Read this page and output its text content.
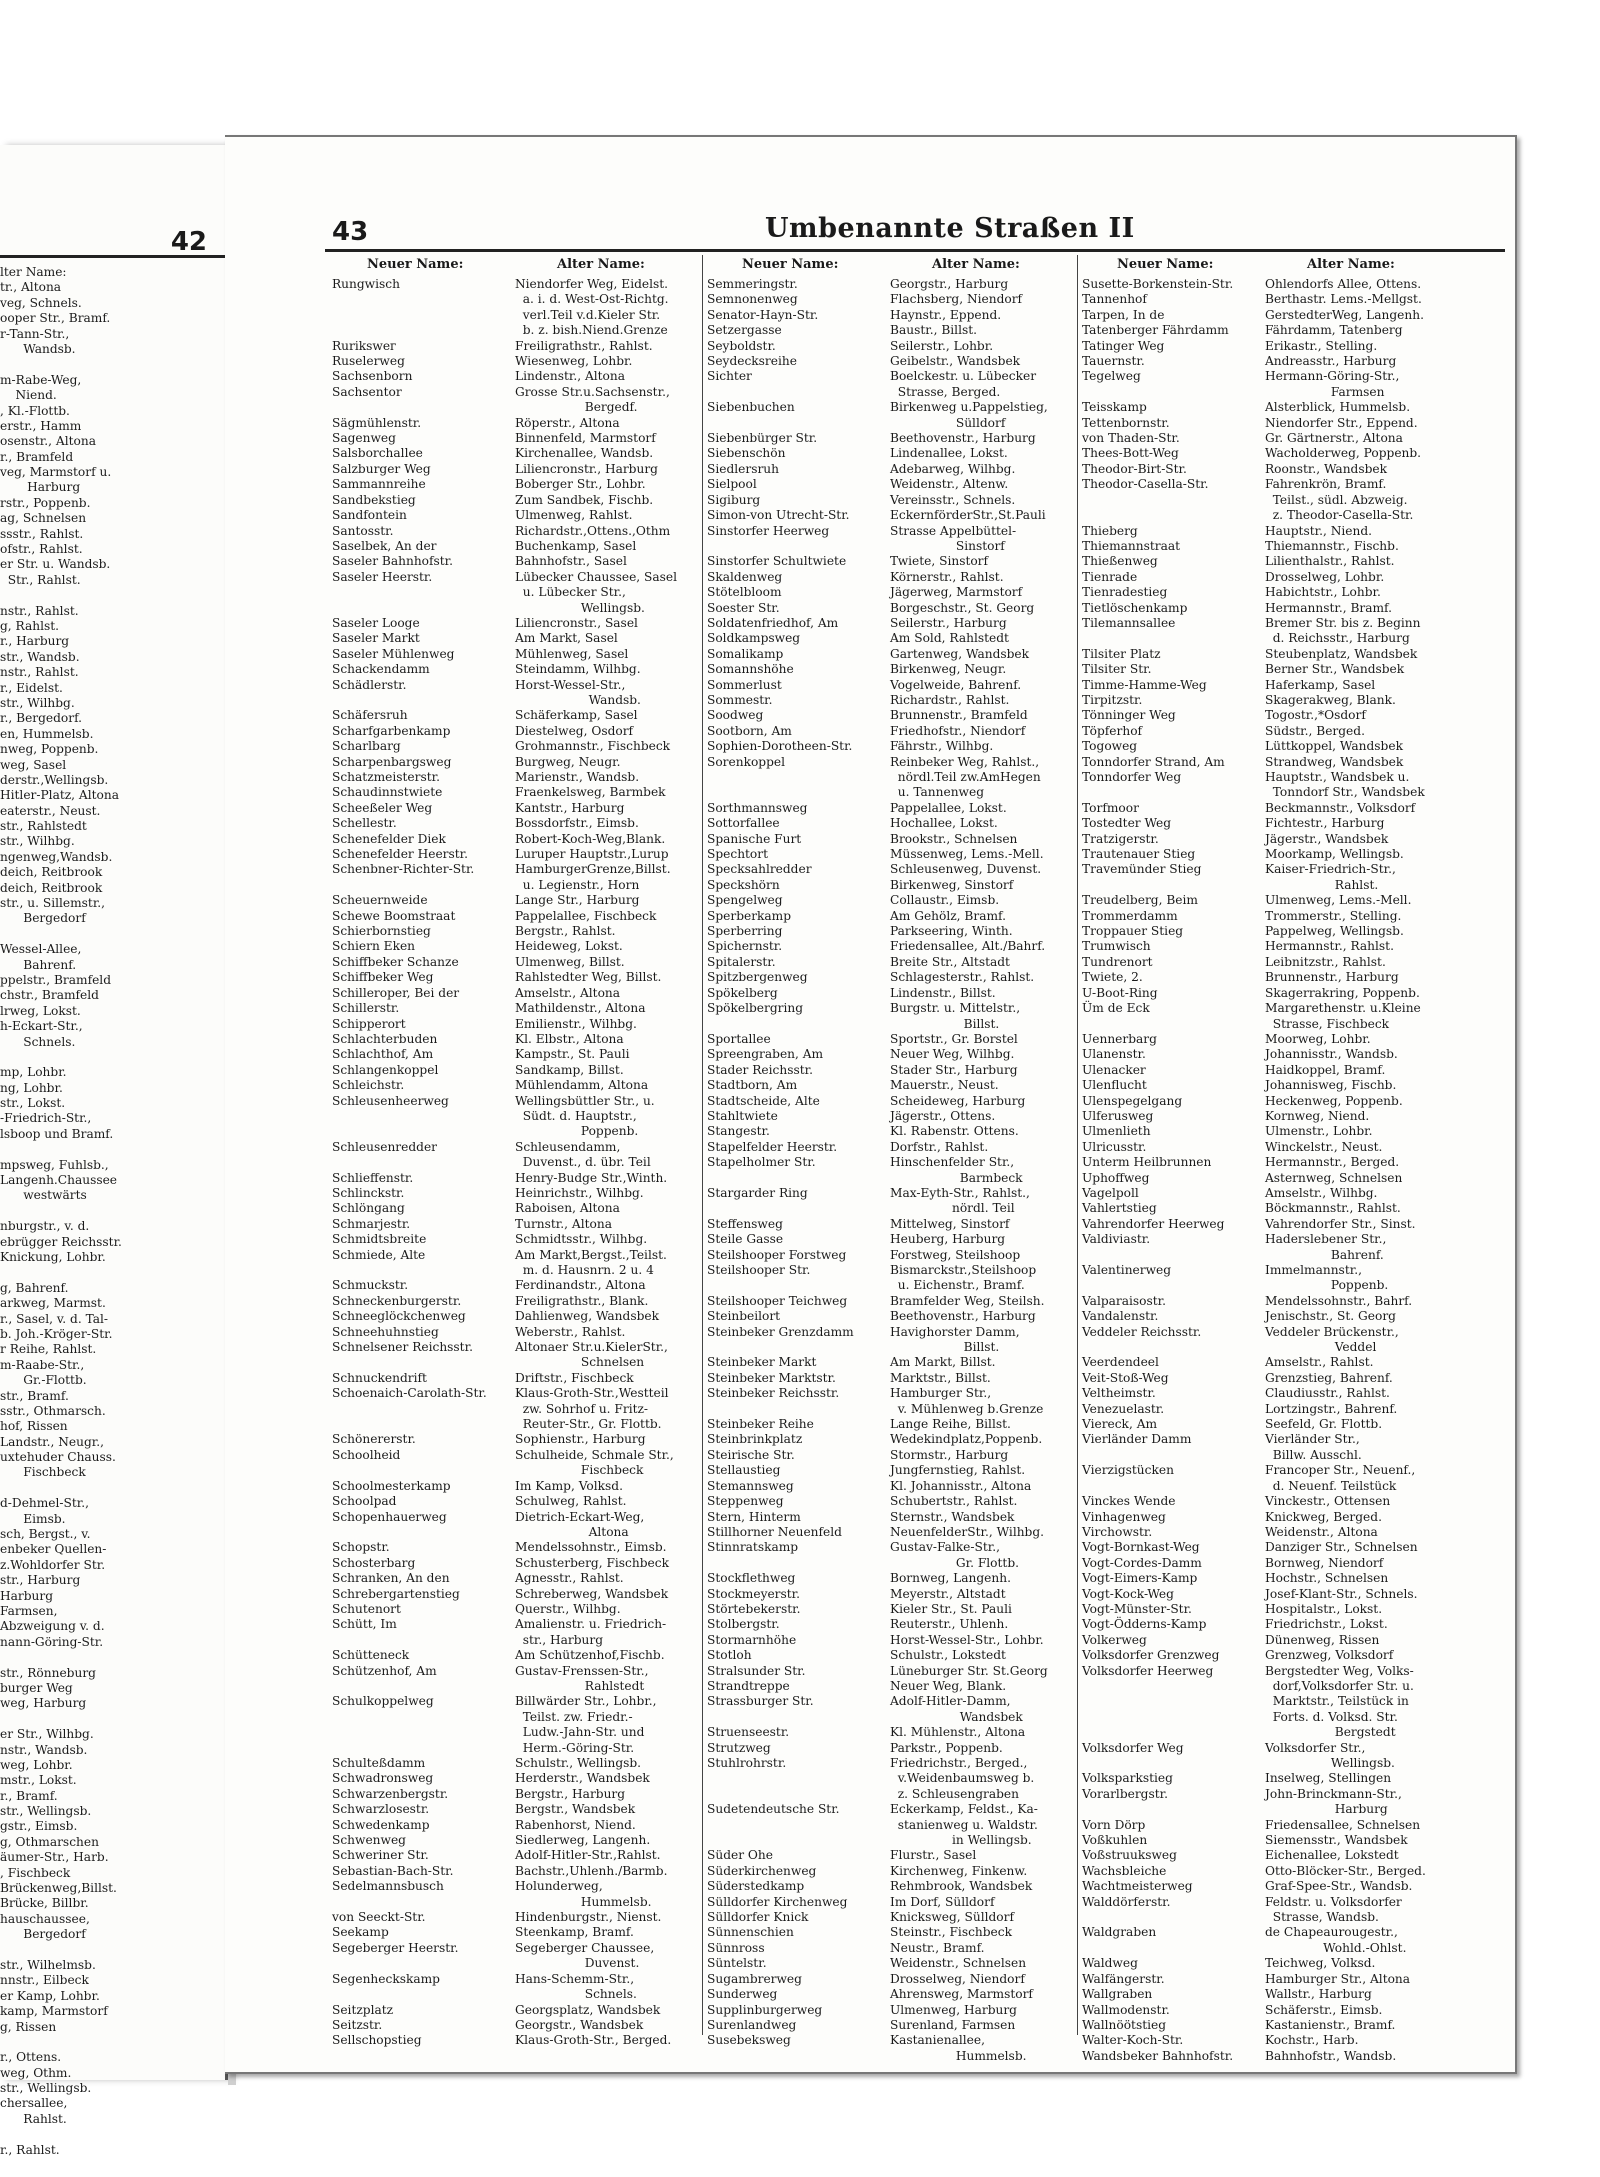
42
lter Name:
tr., Altona
veg, Schnels.
ooper Str., Bramf.
r-Tann-Str.,
Wandsb.
m-Rabe-Weg,
Niend.
, Kl.-Flottb.
erstr., Hamm
osenstr., Altona
r., Bramfeld
veg, Marmstorf u.
Harburg
rstr., Poppenb.
ag, Schnelsen
ssstr., Rahlst.
ofstr., Rahlst.
er Str. u. Wandsb.
Str., Rahlst.
nstr., Rahlst.
g, Rahlst.
r., Harburg
str., Wandsb.
nstr., Rahlst.
r., Eidelst.
str., Wilhbg.
r., Bergedorf.
en, Hummelsb.
nweg, Poppenb.
weg, Sasel
derstr.,Wellingsb.
Hitler-Platz, Altona
eaterstr., Neust.
str., Rahlstedt
str., Wilhbg.
ngenweg,Wandsb.
deich, Reitbrook
deich, Reitbrook
str., u. Sillemstr.,
Bergedorf
Wessel-Allee,
Bahrenf.
ppelstr., Bramfeld
chstr., Bramfeld
lrweg, Lokst.
h-Eckart-Str.,
Schnels.
mp, Lohbr.
ng, Lohbr.
str., Lokst.
-Friedrich-Str.,
lsboop und Bramf.
mpsweg, Fuhlsb.,
Langenh.Chaussee
westwärts
nburgstr., v. d.
ebrügger Reichsstr.
Knickung, Lohbr.
g, Bahrenf.
arkweg, Marmst.
r., Sasel, v. d. Tal-
b. Joh.-Kröger-Str.
r Reihe, Rahlst.
m-Raabe-Str.,
Gr.-Flottb.
str., Bramf.
sstr., Othmarsch.
hof, Rissen
Landstr., Neugr.,
uxtehuder Chauss.
Fischbeck
d-Dehmel-Str.,
Eimsb.
sch, Bergst., v.
enbeker Quellen-
z.Wohldorfer Str.
str., Harburg
Harburg
Farmsen,
Abzweigung v. d.
nann-Göring-Str.
str., Rönneburg
burger Weg
weg, Harburg
er Str., Wilhbg.
nstr., Wandsb.
weg, Lohbr.
mstr., Lokst.
r., Bramf.
str., Wellingsb.
gstr., Eimsb.
g, Othmarschen
äumer-Str., Harb.
, Fischbeck
Brückenweg,Billst.
Brücke, Billbr.
hauschaussee,
Bergedorf
str., Wilhelmsb.
nnstr., Eilbeck
er Kamp, Lohbr.
kamp, Marmstorf
g, Rissen
r., Ottens.
weg, Othm.
str., Wellingsb.
chersallee,
Rahlst.
r., Rahlst.
43	Umbenannte Straßen II
Neuer Name:	Alter Name:
Rungwisch	Niendorfer Weg, Eidelst.
a. i. d. West-Ost-Richtg.
verl.Teil v.d.Kieler Str.
b. z. bish.Niend.Grenze
Rurikswег	Freiligrathstr., Rahlst.
Ruselerweg	Wiesenweg, Lohbr.
Sachsenborn	Lindenstr., Altona
Sachsentor	Grosse Str.u.Sachsenstr.,
Bergedf.
Sägmühlenstr.	Röperstr., Altona
Sagenweg	Binnenfeld, Marmstorf
Salsborchallee	Kirchenallee, Wandsb.
Salzburger Weg	Liliencronstr., Harburg
Sammannreihe	Boberger Str., Lohbr.
Sandbekstieg	Zum Sandbek, Fischb.
Sandfontein	Ulmenweg, Rahlst.
Santosstr.	Richardstr.,Ottens.,Othm
Saselbek, An der	Buchenkamp, Sasel
Saseler Bahnhofstr.	Bahnhofstr., Sasel
Saseler Heerstr.	Lübecker Chaussee, Sasel
u. Lübecker Str.,
Wellingsb.
Saseler Looge	Liliencronstr., Sasel
Saseler Markt	Am Markt, Sasel
Saseler Mühlenweg	Mühlenweg, Sasel
Schackendamm	Steindamm, Wilhbg.
Schädlerstr.	Horst-Wessel-Str.,
Wandsb.
Schäfersruh	Schäferkamp, Sasel
Scharfgarbenkamp	Diestelweg, Osdorf
Scharlbarg	Grohmannstr., Fischbeck
Scharpenbargsweg	Burgweg, Neugr.
Schatzmeisterstr.	Marienstr., Wandsb.
Schaudinnstwiete	Fraenkelsweg, Barmbek
Scheeßeler Weg	Kantstr., Harburg
Schellestr.	Bossdorfstr., Eimsb.
Schenefelder Diek	Robert-Koch-Weg,Blank.
Schenefelder Heerstr.	Luruper Hauptstr.,Lurup
Schenbner-Richter-Str.	HamburgerGrenze,Billst.
u. Legienstr., Horn
Scheuernweide	Lange Str., Harburg
Schewe Boomstraat	Pappelallee, Fischbeck
Schierbornstieg	Bergstr., Rahlst.
Schiern Eken	Heideweg, Lokst.
Schiffbeker Schanze	Ulmenweg, Billst.
Schiffbeker Weg	Rahlstedter Weg, Billst.
Schilleroper, Bei der	Amselstr., Altona
Schillerstr.	Mathildenstr., Altona
Schipperort	Emilienstr., Wilhbg.
Schlachterbuden	Kl. Elbstr., Altona
Schlachthof, Am	Kampstr., St. Pauli
Schlangenkoppel	Sandkamp, Billst.
Schleichstr.	Mühlendamm, Altona
Schleusenheerweg	Wellingsbüttler Str., u.
Südt. d. Hauptstr.,
Poppenb.
Schleusenredder	Schleusendamm,
Duvenst., d. übr. Teil
Schlieffenstr.	Henry-Budge Str.,Winth.
Schlinckstr.	Heinrichstr., Wilhbg.
Schlöngang	Raboisen, Altona
Schmarjestr.	Turnstr., Altona
Schmidtsbreite	Schmidtsstr., Wilhbg.
Schmiede, Alte	Am Markt,Bergst.,Teilst.
m. d. Hausnrn. 2 u. 4
Schmuckstr.	Ferdinandstr., Altona
Schneckenburgerstr.	Freiligrathstr., Blank.
Schneeglöckchenweg	Dahlienweg, Wandsbek
Schneehuhnstieg	Weberstr., Rahlst.
Schnelsener Reichsstr.	Altonaer Str.u.KielerStr.,
Schnelsen
Schnuckendrift	Driftstr., Fischbeck
Schoenaich-Carolath-Str.	Klaus-Groth-Str.,Westteil
zw. Sohrhof u. Fritz-
Reuter-Str., Gr. Flottb.
Schönererstr.	Sophienstr., Harburg
Schoolheid	Schulheide, Schmale Str.,
Fischbeck
Schoolmesterkamp	Im Kamp, Volksd.
Schoolpad	Schulweg, Rahlst.
Schopenhauerweg	Dietrich-Eckart-Weg,
Altona
Schopstr.	Mendelssohnstr., Eimsb.
Schosterbarg	Schusterberg, Fischbeck
Schranken, An den	Agnesstr., Rahlst.
Schrebergartenstieg	Schreberweg, Wandsbek
Schutenort	Querstr., Wilhbg.
Schütt, Im	Amalienstr. u. Friedrich-
str., Harburg
Schütteneck	Am Schützenhof,Fischb.
Schützenhof, Am	Gustav-Frenssen-Str.,
Rahlstedt
Schulkoppelweg	Billwärder Str., Lohbr.,
Teilst. zw. Friedr.-
Ludw.-Jahn-Str. und
Herm.-Göring-Str.
Schulteßdamm	Schulstr., Wellingsb.
Schwadronsweg	Herderstr., Wandsbek
Schwarzenbergstr.	Bergstr., Harburg
Schwarzlosestr.	Bergstr., Wandsbek
Schwedenkamp	Rabenhorst, Niend.
Schwenweg	Siedlerweg, Langenh.
Schweriner Str.	Adolf-Hitler-Str.,Rahlst.
Sebastian-Bach-Str.	Bachstr.,Uhlenh./Barmb.
Sedelmannsbusch	Holunderweg,
Hummelsb.
von Seeckt-Str.	Hindenburgstr., Nienst.
Seekamp	Steenkamp, Bramf.
Segeberger Heerstr.	Segeberger Chaussee,
Duvenst.
Segenheckskamp	Hans-Schemm-Str.,
Schnels.
Seitzplatz	Georgsplatz, Wandsbek
Seitzstr.	Georgstr., Wandsbek
Sellschopstieg	Klaus-Groth-Str., Berged.
Neuer Name:	Alter Name:
Semmeringstr.	Georgstr., Harburg
Semnonenweg	Flachsberg, Niendorf
Senator-Hayn-Str.	Haynstr., Eppend.
Setzergasse	Baustr., Billst.
Seyboldstr.	Seilerstr., Lohbr.
Seydecksreihe	Geibelstr., Wandsbek
Sichter	Boelckestr. u. Lübecker
Strasse, Berged.
Siebenbuchen	Birkenweg u.Pappelstieg,
Sülldorf
Siebenbürger Str.	Beethovenstr., Harburg
Siebenschön	Lindenallee, Lokst.
Siedlersruh	Adebarweg, Wilhbg.
Sielpool	Weidenstr., Altenw.
Sigiburg	Vereinsstr., Schnels.
Simon-von Utrecht-Str.	EckernförderStr.,St.Pauli
Sinstorfer Heerweg	Strasse Appelbüttel-
Sinstorf
Sinstorfer Schultwiete	Twiete, Sinstorf
Skaldenweg	Körnerstr., Rahlst.
Stötelbloom	Jägerweg, Marmstorf
Soester Str.	Borgeschstr., St. Georg
Soldatenfriedhof, Am	Seilerstr., Harburg
Soldkampsweg	Am Sold, Rahlstedt
Somalikamp	Gartenweg, Wandsbek
Somannshöhe	Birkenweg, Neugr.
Sommerlust	Vogelweide, Bahrenf.
Sommestr.	Richardstr., Rahlst.
Soodweg	Brunnenstr., Bramfeld
Sootborn, Am	Friedhofstr., Niendorf
Sophien-Dorotheen-Str.	Fährstr., Wilhbg.
Sorenkoppel	Reinbeker Weg, Rahlst.,
nördl.Teil zw.AmHegen
u. Tannenweg
Sorthmannsweg	Pappelallee, Lokst.
Sottorfallee	Hochallee, Lokst.
Spanische Furt	Brookstr., Schnelsen
Spechtort	Müssenweg, Lems.-Mell.
Specksahlredder	Schleusenweg, Duvenst.
Speckshörn	Birkenweg, Sinstorf
Spengelweg	Collaustr., Eimsb.
Sperberkamp	Am Gehölz, Bramf.
Sperberring	Parkseering, Winth.
Spichernstr.	Friedensallee, Alt./Bahrf.
Spitalerstr.	Breite Str., Altstadt
Spitzbergenweg	Schlagesterstr., Rahlst.
Spökelberg	Lindenstr., Billst.
Spökelbergring	Burgstr. u. Mittelstr.,
Billst.
Sportallee	Sportstr., Gr. Borstel
Spreengraben, Am	Neuer Weg, Wilhbg.
Stader Reichsstr.	Stader Str., Harburg
Stadtborn, Am	Mauerstr., Neust.
Stadtscheide, Alte	Scheideweg, Harburg
Stahltwiete	Jägerstr., Ottens.
Stangestr.	Kl. Rabenstr. Ottens.
Stapelfelder Heerstr.	Dorfstr., Rahlst.
Stapelholmer Str.	Hinschenfelder Str.,
Barmbeck
Stargarder Ring	Max-Eyth-Str., Rahlst.,
nördl. Teil
Steffensweg	Mittelweg, Sinstorf
Steile Gasse	Heuberg, Harburg
Steilshooper Forstweg	Forstweg, Steilshoop
Steilshooper Str.	Bismarckstr.,Steilshoop
u. Eichenstr., Bramf.
Steilshooper Teichweg	Bramfelder Weg, Steilsh.
Steinbeilort	Beethovenstr., Harburg
Steinbeker Grenzdamm	Havighorster Damm,
Billst.
Steinbeker Markt	Am Markt, Billst.
Steinbeker Marktstr.	Marktstr., Billst.
Steinbeker Reichsstr.	Hamburger Str.,
v. Mühlenweg b.Grenze
Steinbeker Reihe	Lange Reihe, Billst.
Steinbrinkplatz	Wedekindplatz,Poppenb.
Steirische Str.	Stormstr., Harburg
Stellaustieg	Jungfernstieg, Rahlst.
Stemannsweg	Kl. Johannisstr., Altona
Steppenweg	Schubertstr., Rahlst.
Stern, Hinterm	Sternstr., Wandsbek
Stillhorner Neuenfeld	NeuenfelderStr., Wilhbg.
Stinnratskamp	Gustav-Falke-Str.,
Gr. Flottb.
Stockflethweg	Bornweg, Langenh.
Stockmeyerstr.	Meyerstr., Altstadt
Störtebekerstr.	Kieler Str., St. Pauli
Stolbergstr.	Reuterstr., Uhlenh.
Stormarnhöhe	Horst-Wessel-Str., Lohbr.
Stotloh	Schulstr., Lokstedt
Stralsunder Str.	Lüneburger Str. St.Georg
Strandtreppe	Neuer Weg, Blank.
Strassburger Str.	Adolf-Hitler-Damm,
Wandsbek
Struenseestr.	Kl. Mühlenstr., Altona
Strutzweg	Parkstr., Poppenb.
Stuhlrohrstr.	Friedrichstr., Berged.,
v.Weidenbaumsweg b.
z. Schleusengraben
Sudetendeutsche Str.	Eckerkamp, Feldst., Ka-
stanienweg u. Waldstr.
in Wellingsb.
Süder Ohe	Flurstr., Sasel
Süderkirchenweg	Kirchenweg, Finkenw.
Süderstedkamp	Rehmbrook, Wandsbek
Sülldorfer Kirchenweg	Im Dorf, Sülldorf
Sülldorfer Knick	Knicksweg, Sülldorf
Sünnenschien	Steinstr., Fischbeck
Sünnross	Neustr., Bramf.
Süntelstr.	Weidenstr., Schnelsen
Sugambrerweg	Drosselweg, Niendorf
Sunderweg	Ahrensweg, Marmstorf
Supplinburgerweg	Ulmenweg, Harburg
Surenlandweg	Surenland, Farmsen
Susebeksweg	Kastanienallee,
Hummelsb.
Neuer Name:	Alter Name:
Susette-Borkenstein-Str.	Ohlendorfs Allee, Ottens.
Tannenhof	Berthastr. Lems.-Mellgst.
Tarpen, In de	GerstedterWeg, Langenh.
Tatenberger Fährdamm	Fährdamm, Tatenberg
Tatinger Weg	Erikastr., Stelling.
Tauernstr.	Andreasstr., Harburg
Tegelweg	Hermann-Göring-Str.,
Farmsen
Teisskamp	Alsterblick, Hummelsb.
Tettenbornstr.	Niendorfer Str., Eppend.
von Thaden-Str.	Gr. Gärtnerstr., Altona
Thees-Bott-Weg	Wacholderweg, Poppenb.
Theodor-Birt-Str.	Roonstr., Wandsbek
Theodor-Casella-Str.	Fahrenkrön, Bramf.
Teilst., südl. Abzweig.
z. Theodor-Casella-Str.
Thieberg	Hauptstr., Niend.
Thiemannstraat	Thiemannstr., Fischb.
Thießenweg	Lilienthalstr., Rahlst.
Tienrade	Drosselweg, Lohbr.
Tienradestieg	Habichtstr., Lohbr.
Tietlöschenkamp	Hermannstr., Bramf.
Tilemannsallee	Bremer Str. bis z. Beginn
d. Reichsstr., Harburg
Tilsiter Platz	Steubenplatz, Wandsbek
Tilsiter Str.	Berner Str., Wandsbek
Timme-Hamme-Weg	Haferkamp, Sasel
Tirpitzstr.	Skagerakweg, Blank.
Tönninger Weg	Togostr.,*Osdorf
Töpferhof	Südstr., Berged.
Togoweg	Lüttkoppel, Wandsbek
Tonndorfer Strand, Am	Strandweg, Wandsbek
Tonndorfer Weg	Hauptstr., Wandsbek u.
Tonndorf Str., Wandsbek
Torfmoor	Beckmannstr., Volksdorf
Tostedter Weg	Fichtestr., Harburg
Tratzigerstr.	Jägerstr., Wandsbek
Trautenauer Stieg	Moorkamp, Wellingsb.
Travemünder Stieg	Kaiser-Friedrich-Str.,
Rahlst.
Treudelberg, Beim	Ulmenweg, Lems.-Mell.
Trommerdamm	Trommerstr., Stelling.
Troppauer Stieg	Pappelweg, Wellingsb.
Trumwisch	Hermannstr., Rahlst.
Tundrenort	Leibnitzstr., Rahlst.
Twiete, 2.	Brunnenstr., Harburg
U-Boot-Ring	Skagerrakring, Poppenb.
Üm de Eck	Margarethenstr. u.Kleine
Strasse, Fischbeck
Uennerbarg	Moorweg, Lohbr.
Ulanenstr.	Johannisstr., Wandsb.
Ulenacker	Haidkoppel, Bramf.
Ulenflucht	Johannisweg, Fischb.
Ulenspegelgang	Heckenweg, Poppenb.
Ulferusweg	Kornweg, Niend.
Ulmenlieth	Ulmenstr., Lohbr.
Ulricusstr.	Winckelstr., Neust.
Unterm Heilbrunnen	Hermannstr., Berged.
Uphoffweg	Asternweg, Schnelsen
Vagelpoll	Amselstr., Wilhbg.
Vahlertstieg	Böckmannstr., Rahlst.
Vahrendorfer Heerweg	Vahrendorfer Str., Sinst.
Valdiviastr.	Haderslebener Str.,
Bahrenf.
Valentinerweg	Immelmannstr.,
Poppenb.
Valparaisostr.	Mendelssohnstr., Bahrf.
Vandalenstr.	Jenischstr., St. Georg
Veddeler Reichsstr.	Veddeler Brückenstr.,
Veddel
Veerdendeel	Amselstr., Rahlst.
Veit-Stoß-Weg	Grenzstieg, Bahrenf.
Veltheimstr.	Claudiusstr., Rahlst.
Venezuelastr.	Lortzingstr., Bahrenf.
Viereck, Am	Seefeld, Gr. Flottb.
Vierländer Damm	Vierländer Str.,
Billw. Ausschl.
Vierzigstücken	Francoper Str., Neuenf.,
d. Neuenf. Teilstück
Vinckes Wende	Vinckestr., Ottensen
Vinhagenweg	Knickweg, Berged.
Virchowstr.	Weidenstr., Altona
Vogt-Bornkast-Weg	Danziger Str., Schnelsen
Vogt-Cordes-Damm	Bornweg, Niendorf
Vogt-Eimers-Kamp	Hochstr., Schnelsen
Vogt-Kock-Weg	Josef-Klant-Str., Schnels.
Vogt-Münster-Str.	Hospitalstr., Lokst.
Vogt-Ödderns-Kamp	Friedrichstr., Lokst.
Volkerweg	Dünenweg, Rissen
Volksdorfer Grenzweg	Grenzweg, Volksdorf
Volksdorfer Heerweg	Bergstedter Weg, Volks-
dorf,Volksdorfer Str. u.
Marktstr., Teilstück in
Forts. d. Volksd. Str.
Bergstedt
Volksdorfer Weg	Volksdorfer Str.,
Wellingsb.
Volksparkstieg	Inselweg, Stellingen
Vorarlbergstr.	John-Brinckmann-Str.,
Harburg
Vorn Dörp	Friedensallee, Schnelsen
Voßkuhlen	Siemensstr., Wandsbek
Voßstruuksweg	Eichenallee, Lokstedt
Wachsbleiche	Otto-Blöcker-Str., Berged.
Wachtmeisterweg	Graf-Spee-Str., Wandsb.
Walddörferstr.	Feldstr. u. Volksdorfer
Strasse, Wandsb.
Waldgraben	de Chapeaurougestr.,
Wohld.-Ohlst.
Waldweg	Teichweg, Volksd.
Walfängerstr.	Hamburger Str., Altona
Wallgraben	Wallstr., Harburg
Wallmodenstr.	Schäferstr., Eimsb.
Wallnöötstieg	Kastanienstr., Bramf.
Walter-Koch-Str.	Kochstr., Harb.
Wandsbeker Bahnhofstr.	Bahnhofstr., Wandsb.
